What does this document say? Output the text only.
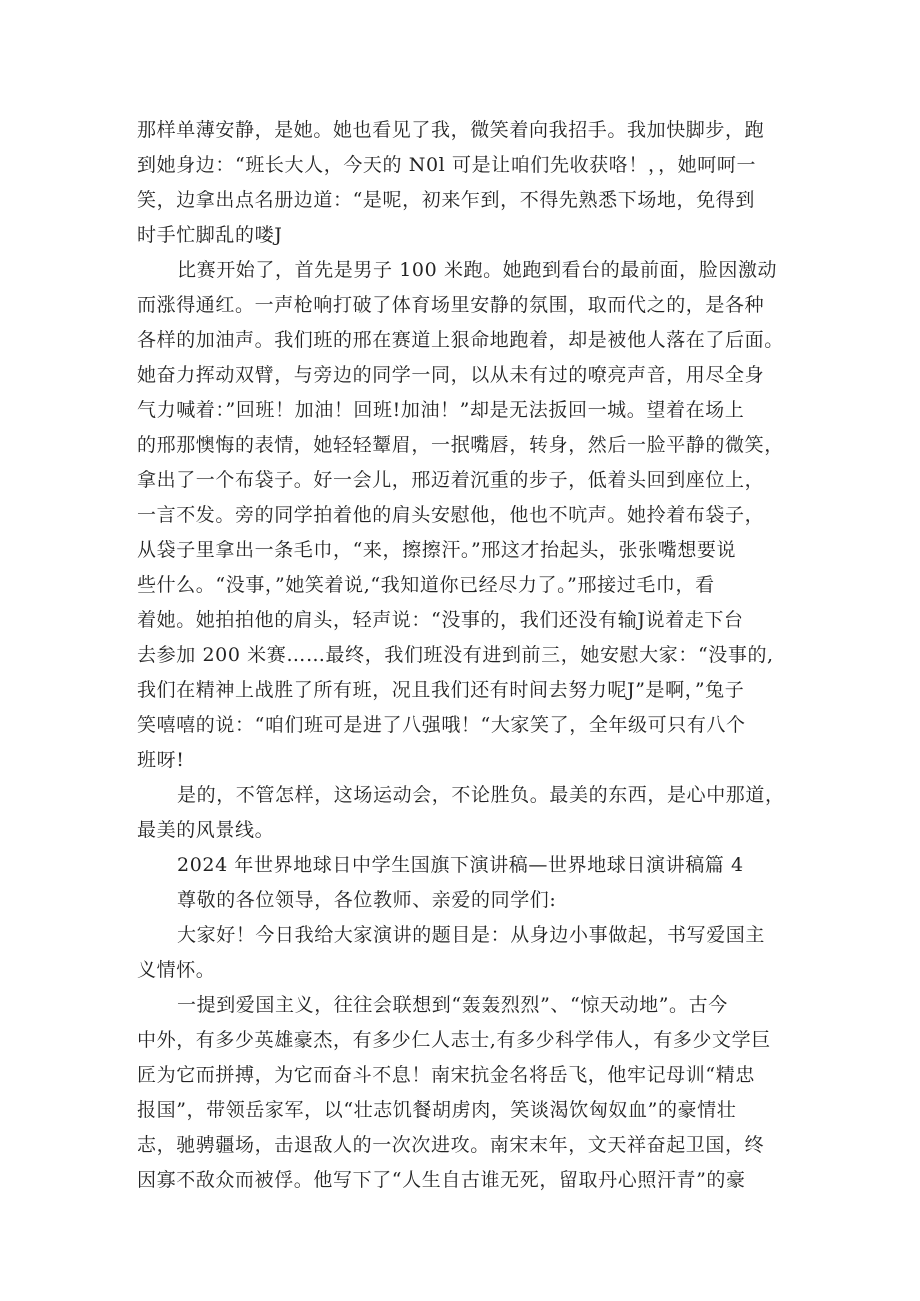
那样单薄安静，是她。她也看见了我，微笑着向我招手。我加快脚步，跑
到她身边：“班长大人，今天的 N0l 可是让咱们先收获咯！，，她呵呵一
笑，边拿出点名册边道：“是呢，初来乍到，不得先熟悉下场地，免得到
时手忙脚乱的喽J
比赛开始了，首先是男子 100 米跑。她跑到看台的最前面，脸因激动
而涨得通红。一声枪响打破了体育场里安静的氛围，取而代之的，是各种
各样的加油声。我们班的邢在赛道上狠命地跑着，却是被他人落在了后面。
她奋力挥动双臂，与旁边的同学一同，以从未有过的嘹亮声音，用尽全身
气力喊着：”回班！加油！回班!加油！”却是无法扳回一城。望着在场上
的邢那懊悔的表情，她轻轻颦眉，一抿嘴唇，转身，然后一脸平静的微笑，
拿出了一个布袋子。好一会儿，邢迈着沉重的步子，低着头回到座位上，
一言不发。旁的同学拍着他的肩头安慰他，他也不吭声。她拎着布袋子，
从袋子里拿出一条毛巾，“来，擦擦汗。”邢这才抬起头，张张嘴想要说
些什么。“没事，”她笑着说,“我知道你已经尽力了。”邢接过毛巾，看
着她。她拍拍他的肩头，轻声说：“没事的，我们还没有输J说着走下台
去参加 200 米赛……最终，我们班没有进到前三，她安慰大家：“没事的,
我们在精神上战胜了所有班，况且我们还有时间去努力呢J”是啊，”兔子
笑嘻嘻的说：“咱们班可是进了八强哦！“大家笑了，全年级可只有八个
班呀!
是的，不管怎样，这场运动会，不论胜负。最美的东西，是心中那道，
最美的风景线。
2024 年世界地球日中学生国旗下演讲稿—世界地球日演讲稿篇 4
尊敬的各位领导，各位教师、亲爱的同学们:
大家好！今日我给大家演讲的题目是：从身边小事做起，书写爱国主
义情怀。
一提到爱国主义，往往会联想到“轰轰烈烈”、“惊天动地”。古今
中外，有多少英雄豪杰，有多少仁人志士,有多少科学伟人，有多少文学巨
匠为它而拼搏，为它而奋斗不息！南宋抗金名将岳飞，他牢记母训“精忠
报国”，带领岳家军，以“壮志饥餐胡虏肉，笑谈渴饮匈奴血”的豪情壮
志，驰骋疆场，击退敌人的一次次进攻。南宋末年，文天祥奋起卫国，终
因寡不敌众而被俘。他写下了“人生自古谁无死，留取丹心照汗青”的豪
